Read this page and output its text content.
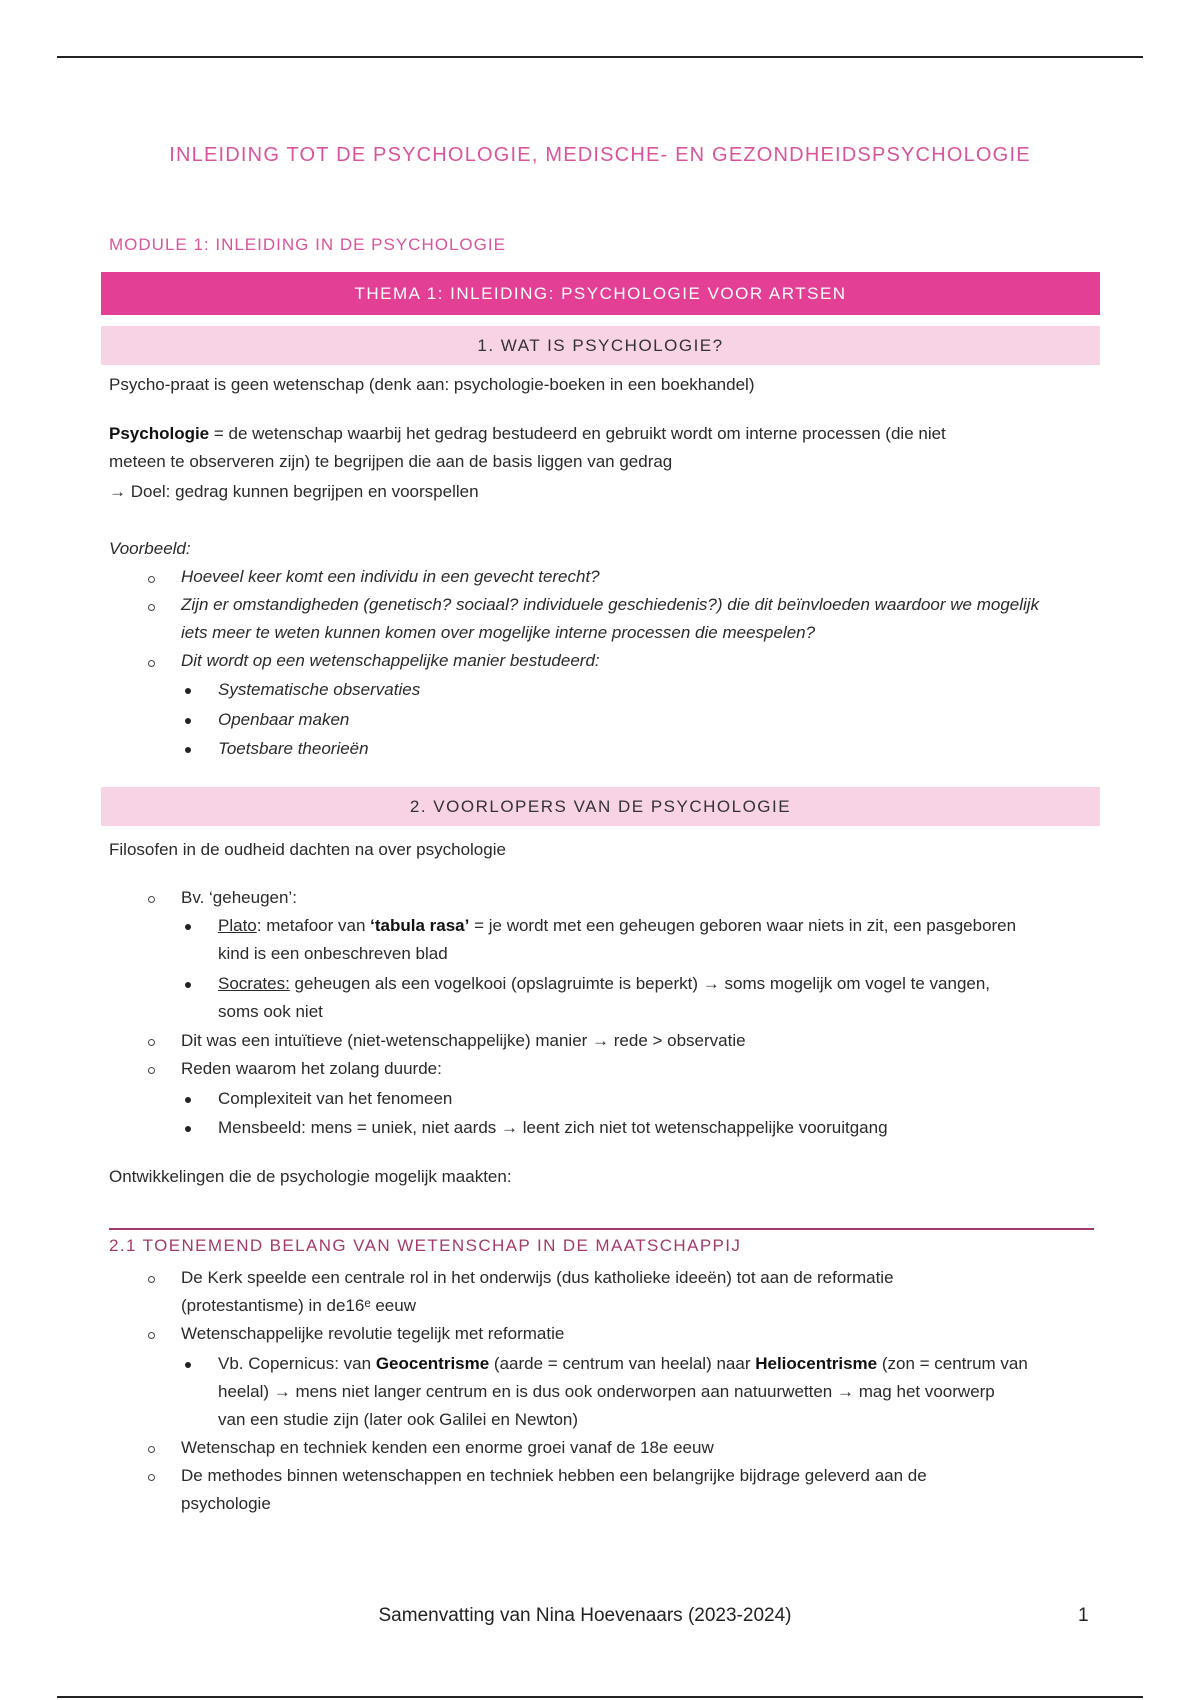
INLEIDING TOT DE PSYCHOLOGIE, MEDISCHE- EN GEZONDHEIDSPSYCHOLOGIE
MODULE 1: INLEIDING IN DE PSYCHOLOGIE
THEMA 1: INLEIDING: PSYCHOLOGIE VOOR ARTSEN
1. WAT IS PSYCHOLOGIE?
Psycho-praat is geen wetenschap (denk aan: psychologie-boeken in een boekhandel)
Psychologie = de wetenschap waarbij het gedrag bestudeerd en gebruikt wordt om interne processen (die niet
meteen te observeren zijn) te begrijpen die aan de basis liggen van gedrag
→ Doel: gedrag kunnen begrijpen en voorspellen
Voorbeeld:
Hoeveel keer komt een individu in een gevecht terecht?
Zijn er omstandigheden (genetisch? sociaal? individuele geschiedenis?) die dit beïnvloeden waardoor we mogelijk
iets meer te weten kunnen komen over mogelijke interne processen die meespelen?
Dit wordt op een wetenschappelijke manier bestudeerd:
Systematische observaties
Openbaar maken
Toetsbare theorieën
2. VOORLOPERS VAN DE PSYCHOLOGIE
Filosofen in de oudheid dachten na over psychologie
Bv. ‘geheugen’:
Plato: metafoor van ‘tabula rasa’ = je wordt met een geheugen geboren waar niets in zit, een pasgeboren
kind is een onbeschreven blad
Socrates: geheugen als een vogelkooi (opslagruimte is beperkt) → soms mogelijk om vogel te vangen,
soms ook niet
Dit was een intuïtieve (niet-wetenschappelijke) manier → rede > observatie
Reden waarom het zolang duurde:
Complexiteit van het fenomeen
Mensbeeld: mens = uniek, niet aards → leent zich niet tot wetenschappelijke vooruitgang
Ontwikkelingen die de psychologie mogelijk maakten:
2.1 TOENEMEND BELANG VAN WETENSCHAP IN DE MAATSCHAPPIJ
De Kerk speelde een centrale rol in het onderwijs (dus katholieke ideeën) tot aan de reformatie
(protestantisme) in de16ᵉ eeuw
Wetenschappelijke revolutie tegelijk met reformatie
Vb. Copernicus: van Geocentrisme (aarde = centrum van heelal) naar Heliocentrisme (zon = centrum van
heelal) → mens niet langer centrum en is dus ook onderworpen aan natuurwetten → mag het voorwerp
van een studie zijn (later ook Galilei en Newton)
Wetenschap en techniek kenden een enorme groei vanaf de 18e eeuw
De methodes binnen wetenschappen en techniek hebben een belangrijke bijdrage geleverd aan de
psychologie
Samenvatting van Nina Hoevenaars (2023-2024)	1
